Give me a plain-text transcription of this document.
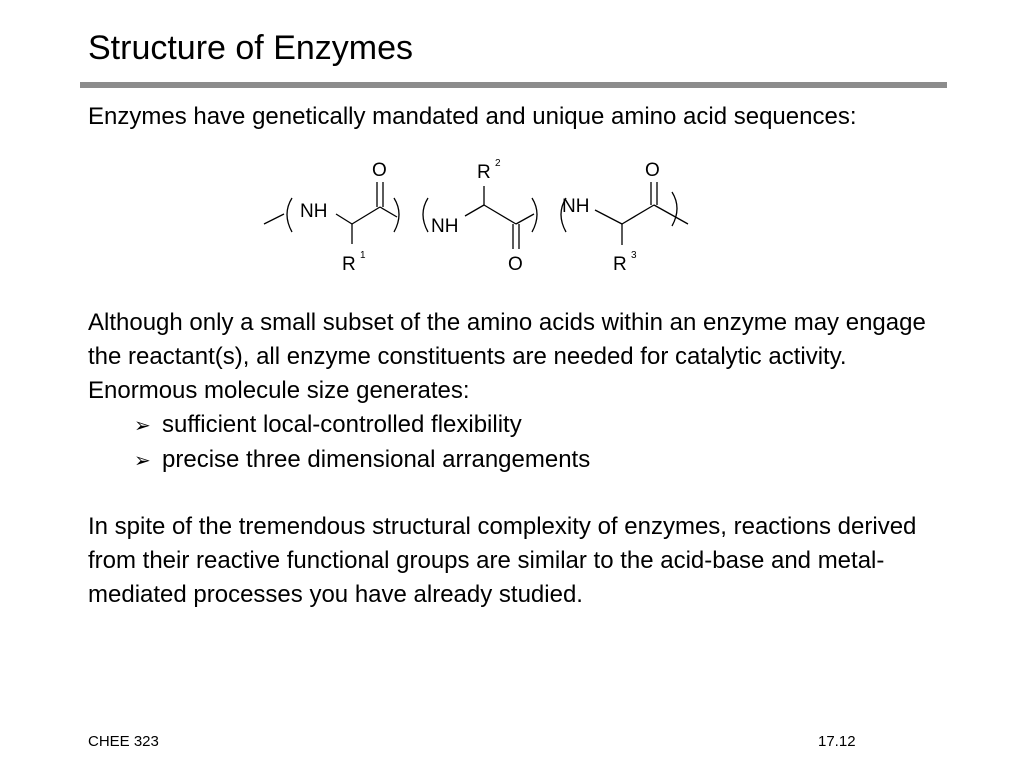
Structure of Enzymes

Enzymes have genetically mandated and unique amino acid sequences:

NH
NH
NH
O
O
O
R
R
R
1
2
3

Although only a small subset of the amino acids within an enzyme may engage the reactant(s), all enzyme constituents are needed for catalytic activity. Enormous molecule size generates:

➢ sufficient local-controlled flexibility
➢ precise three dimensional arrangements

In spite of the tremendous structural complexity of enzymes, reactions derived from their reactive functional groups are similar to the acid-base and metal-mediated processes you have already studied.

CHEE 323	17.12
